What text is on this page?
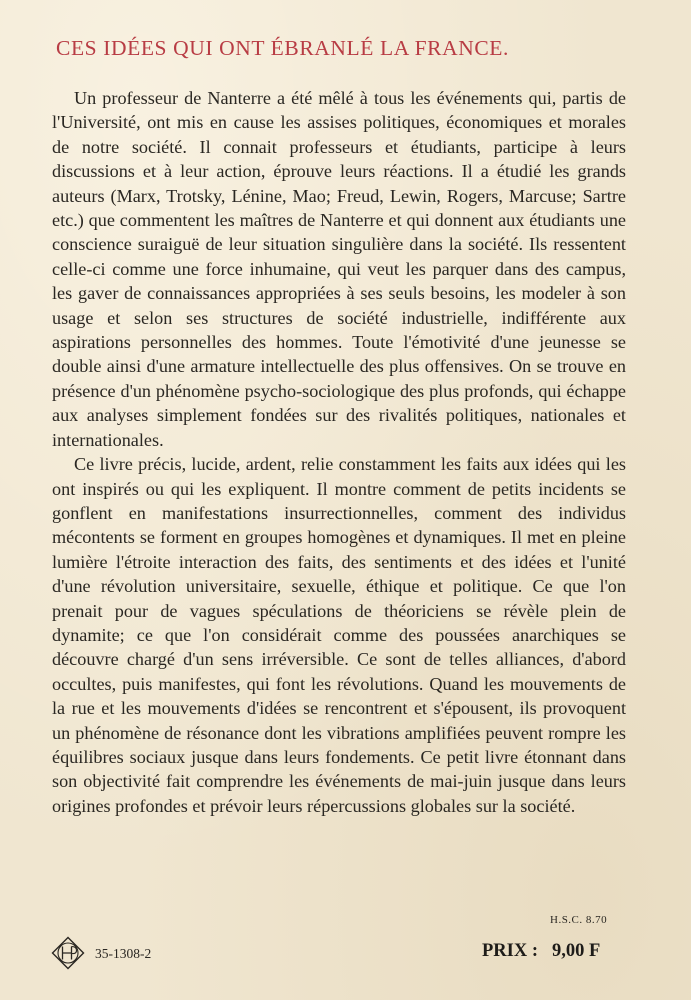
CES IDÉES QUI ONT ÉBRANLÉ LA FRANCE.

Un professeur de Nanterre a été mêlé à tous les événements qui, partis de l'Université, ont mis en cause les assises politiques, économiques et morales de notre société. Il connait professeurs et étudiants, participe à leurs discussions et à leur action, éprouve leurs réactions. Il a étudié les grands auteurs (Marx, Trotsky, Lénine, Mao; Freud, Lewin, Rogers, Marcuse; Sartre etc.) que commentent les maîtres de Nanterre et qui donnent aux étudiants une conscience suraiguë de leur situation singulière dans la société. Ils ressentent celle-ci comme une force inhumaine, qui veut les parquer dans des campus, les gaver de connaissances appropriées à ses seuls besoins, les modeler à son usage et selon ses structures de société industrielle, indifférente aux aspirations personnelles des hommes. Toute l'émotivité d'une jeunesse se double ainsi d'une armature intellectuelle des plus offensives. On se trouve en présence d'un phénomène psycho-sociologique des plus profonds, qui échappe aux analyses simplement fondées sur des rivalités politiques, nationales et internationales.

Ce livre précis, lucide, ardent, relie constamment les faits aux idées qui les ont inspirés ou qui les expliquent. Il montre comment de petits incidents se gonflent en manifestations insurrectionnelles, comment des individus mécontents se forment en groupes homogènes et dynamiques. Il met en pleine lumière l'étroite interaction des faits, des sentiments et des idées et l'unité d'une révolution universitaire, sexuelle, éthique et politique. Ce que l'on prenait pour de vagues spéculations de théoriciens se révèle plein de dynamite; ce que l'on considérait comme des poussées anarchiques se découvre chargé d'un sens irréversible. Ce sont de telles alliances, d'abord occultes, puis manifestes, qui font les révolutions. Quand les mouvements de la rue et les mouvements d'idées se rencontrent et s'épousent, ils provoquent un phénomène de résonance dont les vibrations amplifiées peuvent rompre les équilibres sociaux jusque dans leurs fondements. Ce petit livre étonnant dans son objectivité fait comprendre les événements de mai-juin jusque dans leurs origines profondes et prévoir leurs répercussions globales sur la société.

H.S.C. 8.70
35-1308-2	PRIX : 9,00 F
